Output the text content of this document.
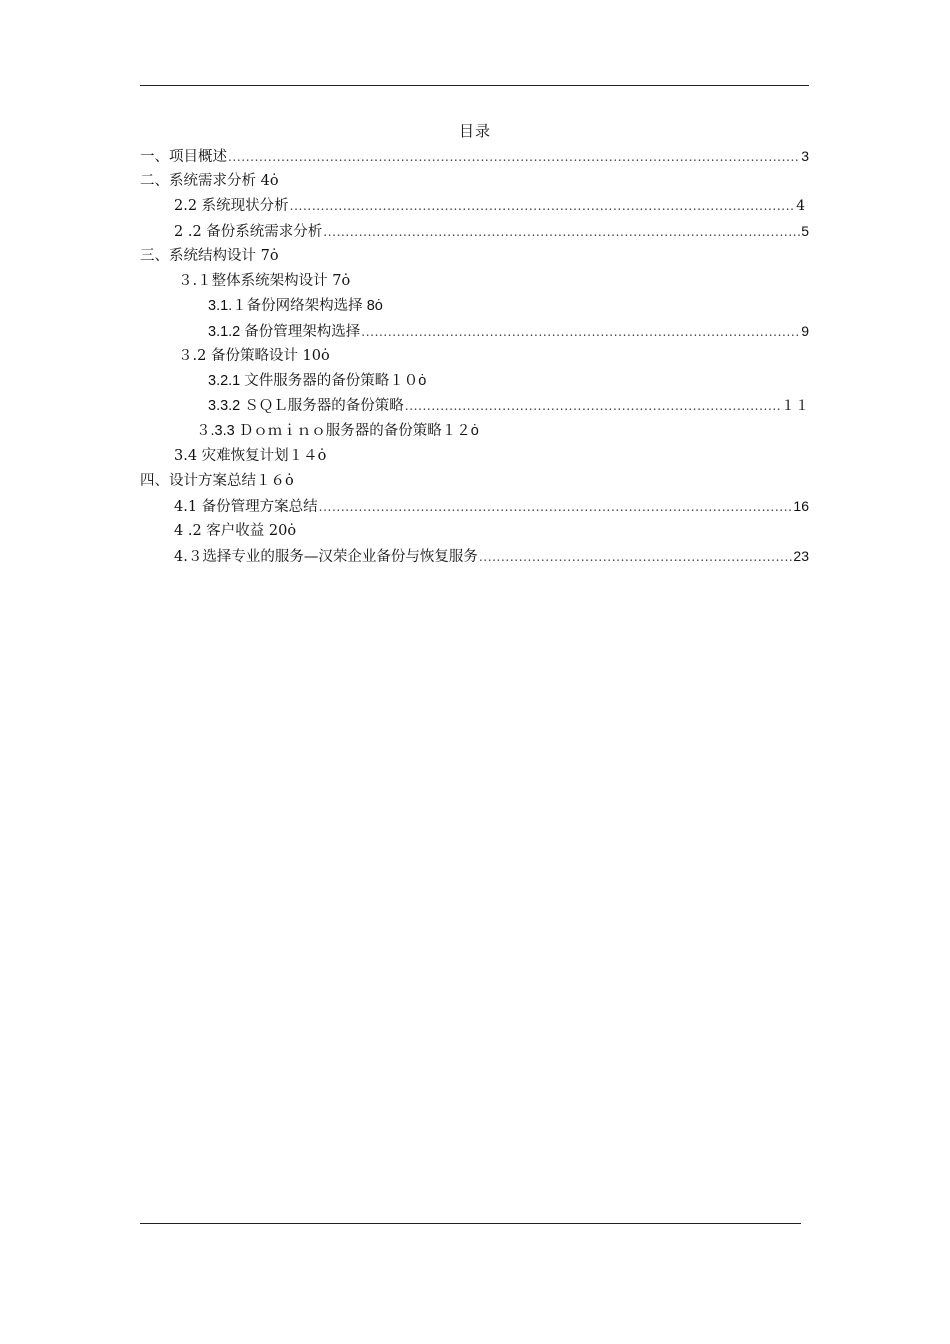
目录
一、项目概述 . . .	3
二、系统需求分析 4ȯ
2.2 系统现状分析 . . .	4
2 .2 备份系统需求分析 . . .	5
三、系统结构设计 7ȯ
３.１整体系统架构设计 7ȯ
3.1.１备份网络架构选择 8ȯ
3.1.2 备份管理架构选择 . . .	9
３.2 备份策略设计 10ȯ
3.2.1 文件服务器的备份策略１０ȯ
3.3.2 ＳＱＬ服务器的备份策略 . . .	１１
３.3.3 Ｄｏｍｉｎｏ服务器的备份策略１２ȯ
3.4 灾难恢复计划１４ȯ
四、设计方案总结１６ȯ
4.1 备份管理方案总结 . . .	16
4 .2 客户收益 20ȯ
4.３选择专业的服务—汉荣企业备份与恢复服务 . . .	23
